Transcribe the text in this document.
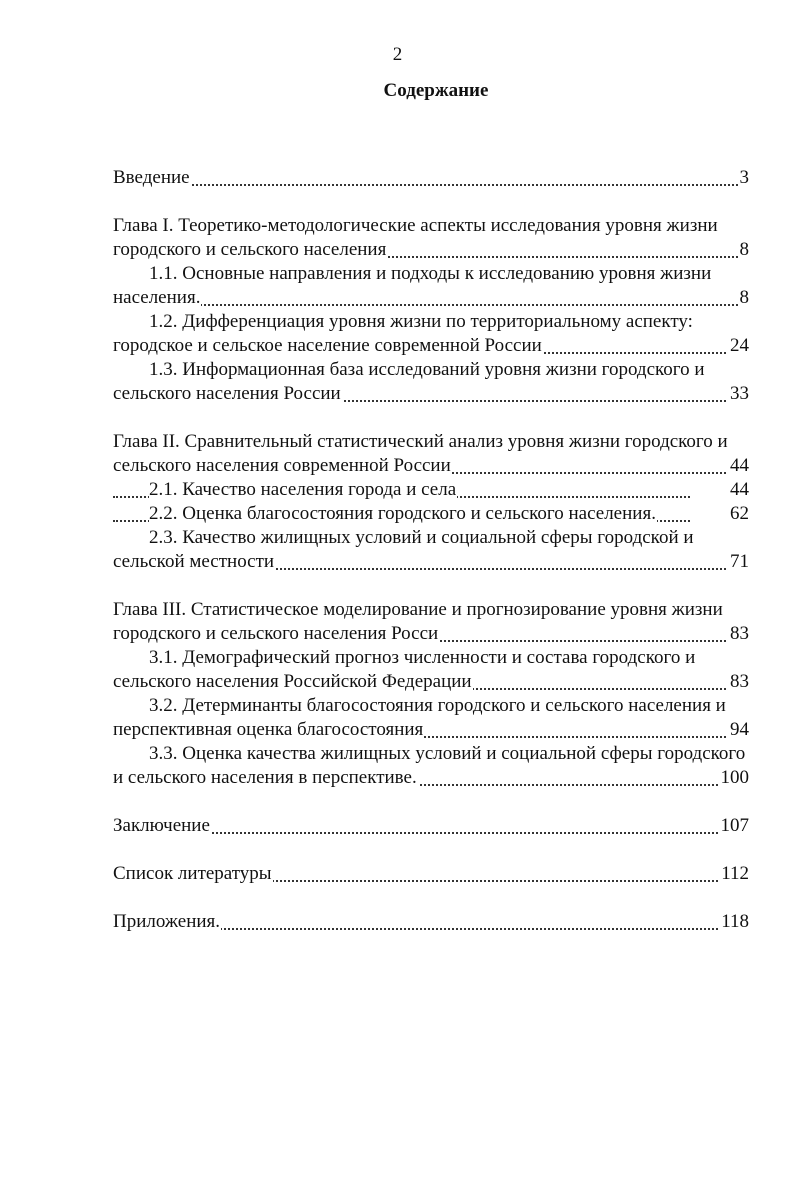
2
Содержание
Введение	3
Глава I. Теоретико-методологические аспекты исследования уровня жизни
городского и сельского населения	8
1.1. Основные направления и подходы к исследованию уровня жизни
населения.	8
1.2. Дифференциация уровня жизни по территориальному аспекту:
городское и сельское население современной России	24
1.3. Информационная база исследований уровня жизни городского и
сельского населения России	33
Глава II. Сравнительный статистический анализ уровня жизни городского и
сельского населения современной России	44
2.1. Качество населения города и села	44
2.2. Оценка благосостояния городского и сельского населения.	62
2.3. Качество жилищных условий и социальной сферы городской и
сельской местности	71
Глава III. Статистическое моделирование и прогнозирование уровня жизни
городского и сельского населения Росси	83
3.1. Демографический прогноз численности и состава городского и
сельского населения Российской Федерации	83
3.2. Детерминанты благосостояния городского и сельского населения и
перспективная оценка благосостояния	94
3.3. Оценка качества жилищных условий и социальной сферы городского
и сельского населения в перспективе.	100
Заключение	107
Список литературы	112
Приложения.	118
